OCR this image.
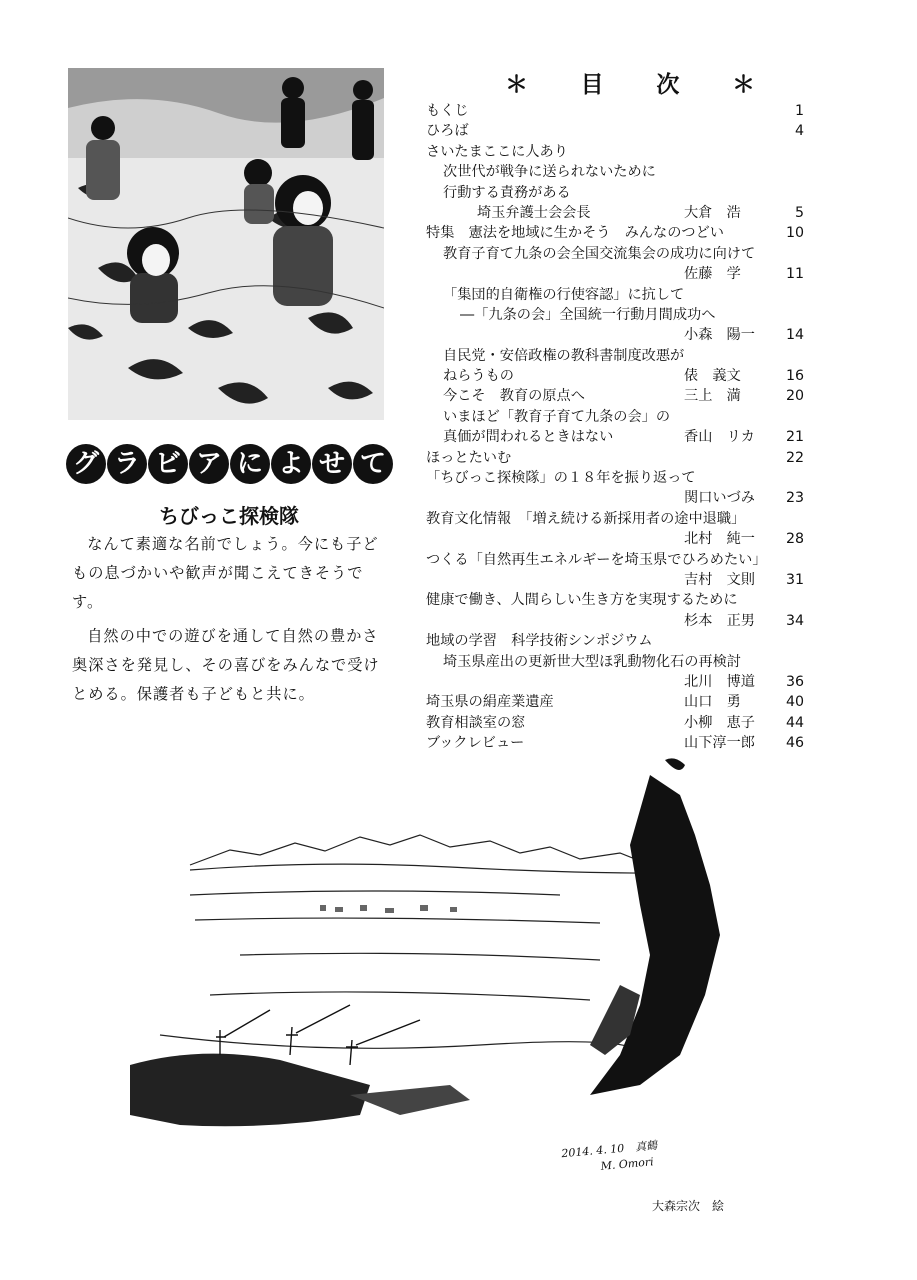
グ ラ ビ ア に よ せ て
ちびっこ探検隊

なんて素適な名前でしょう。今にも子どもの息づかいや歓声が聞こえてきそうです。

自然の中での遊びを通して自然の豊かさ奥深さを発見し、その喜びをみんなで受けとめる。保護者も子どもと共に。

＊ 目 次 ＊
もくじ	1
ひろば	4
さいたまここに人あり
次世代が戦争に送られないために
行動する責務がある
埼玉弁護士会会長	大倉　浩	5
特集　憲法を地域に生かそう　みんなのつどい	10
教育子育て九条の会全国交流集会の成功に向けて
佐藤　学	11
「集団的自衛権の行使容認」に抗して
―「九条の会」全国統一行動月間成功へ
小森　陽一 14
自民党・安倍政権の教科書制度改悪が
ねらうもの	俵　義文	16
今こそ　教育の原点へ	三上　満	20
いまほど「教育子育て九条の会」の
真価が問われるときはない	香山　リカ 21
ほっとたいむ	22
「ちびっこ探検隊」の１８年を振り返って
関口いづみ 23
教育文化情報　「増え続ける新採用者の途中退職」
北村　純一 28
つくる「自然再生エネルギーを埼玉県でひろめたい」
吉村　文則 31
健康で働き、人間らしい生き方を実現するために
杉本　正男 34
地域の学習　科学技術シンポジウム
埼玉県産出の更新世大型ほ乳動物化石の再検討
北川　博道 36
埼玉県の絹産業遺産	山口　勇	40
教育相談室の窓	小柳　恵子 44
ブックレビュー	山下淳一郎 46
2014. 4. 10　真鶴
M. Omori
大森宗次　絵
